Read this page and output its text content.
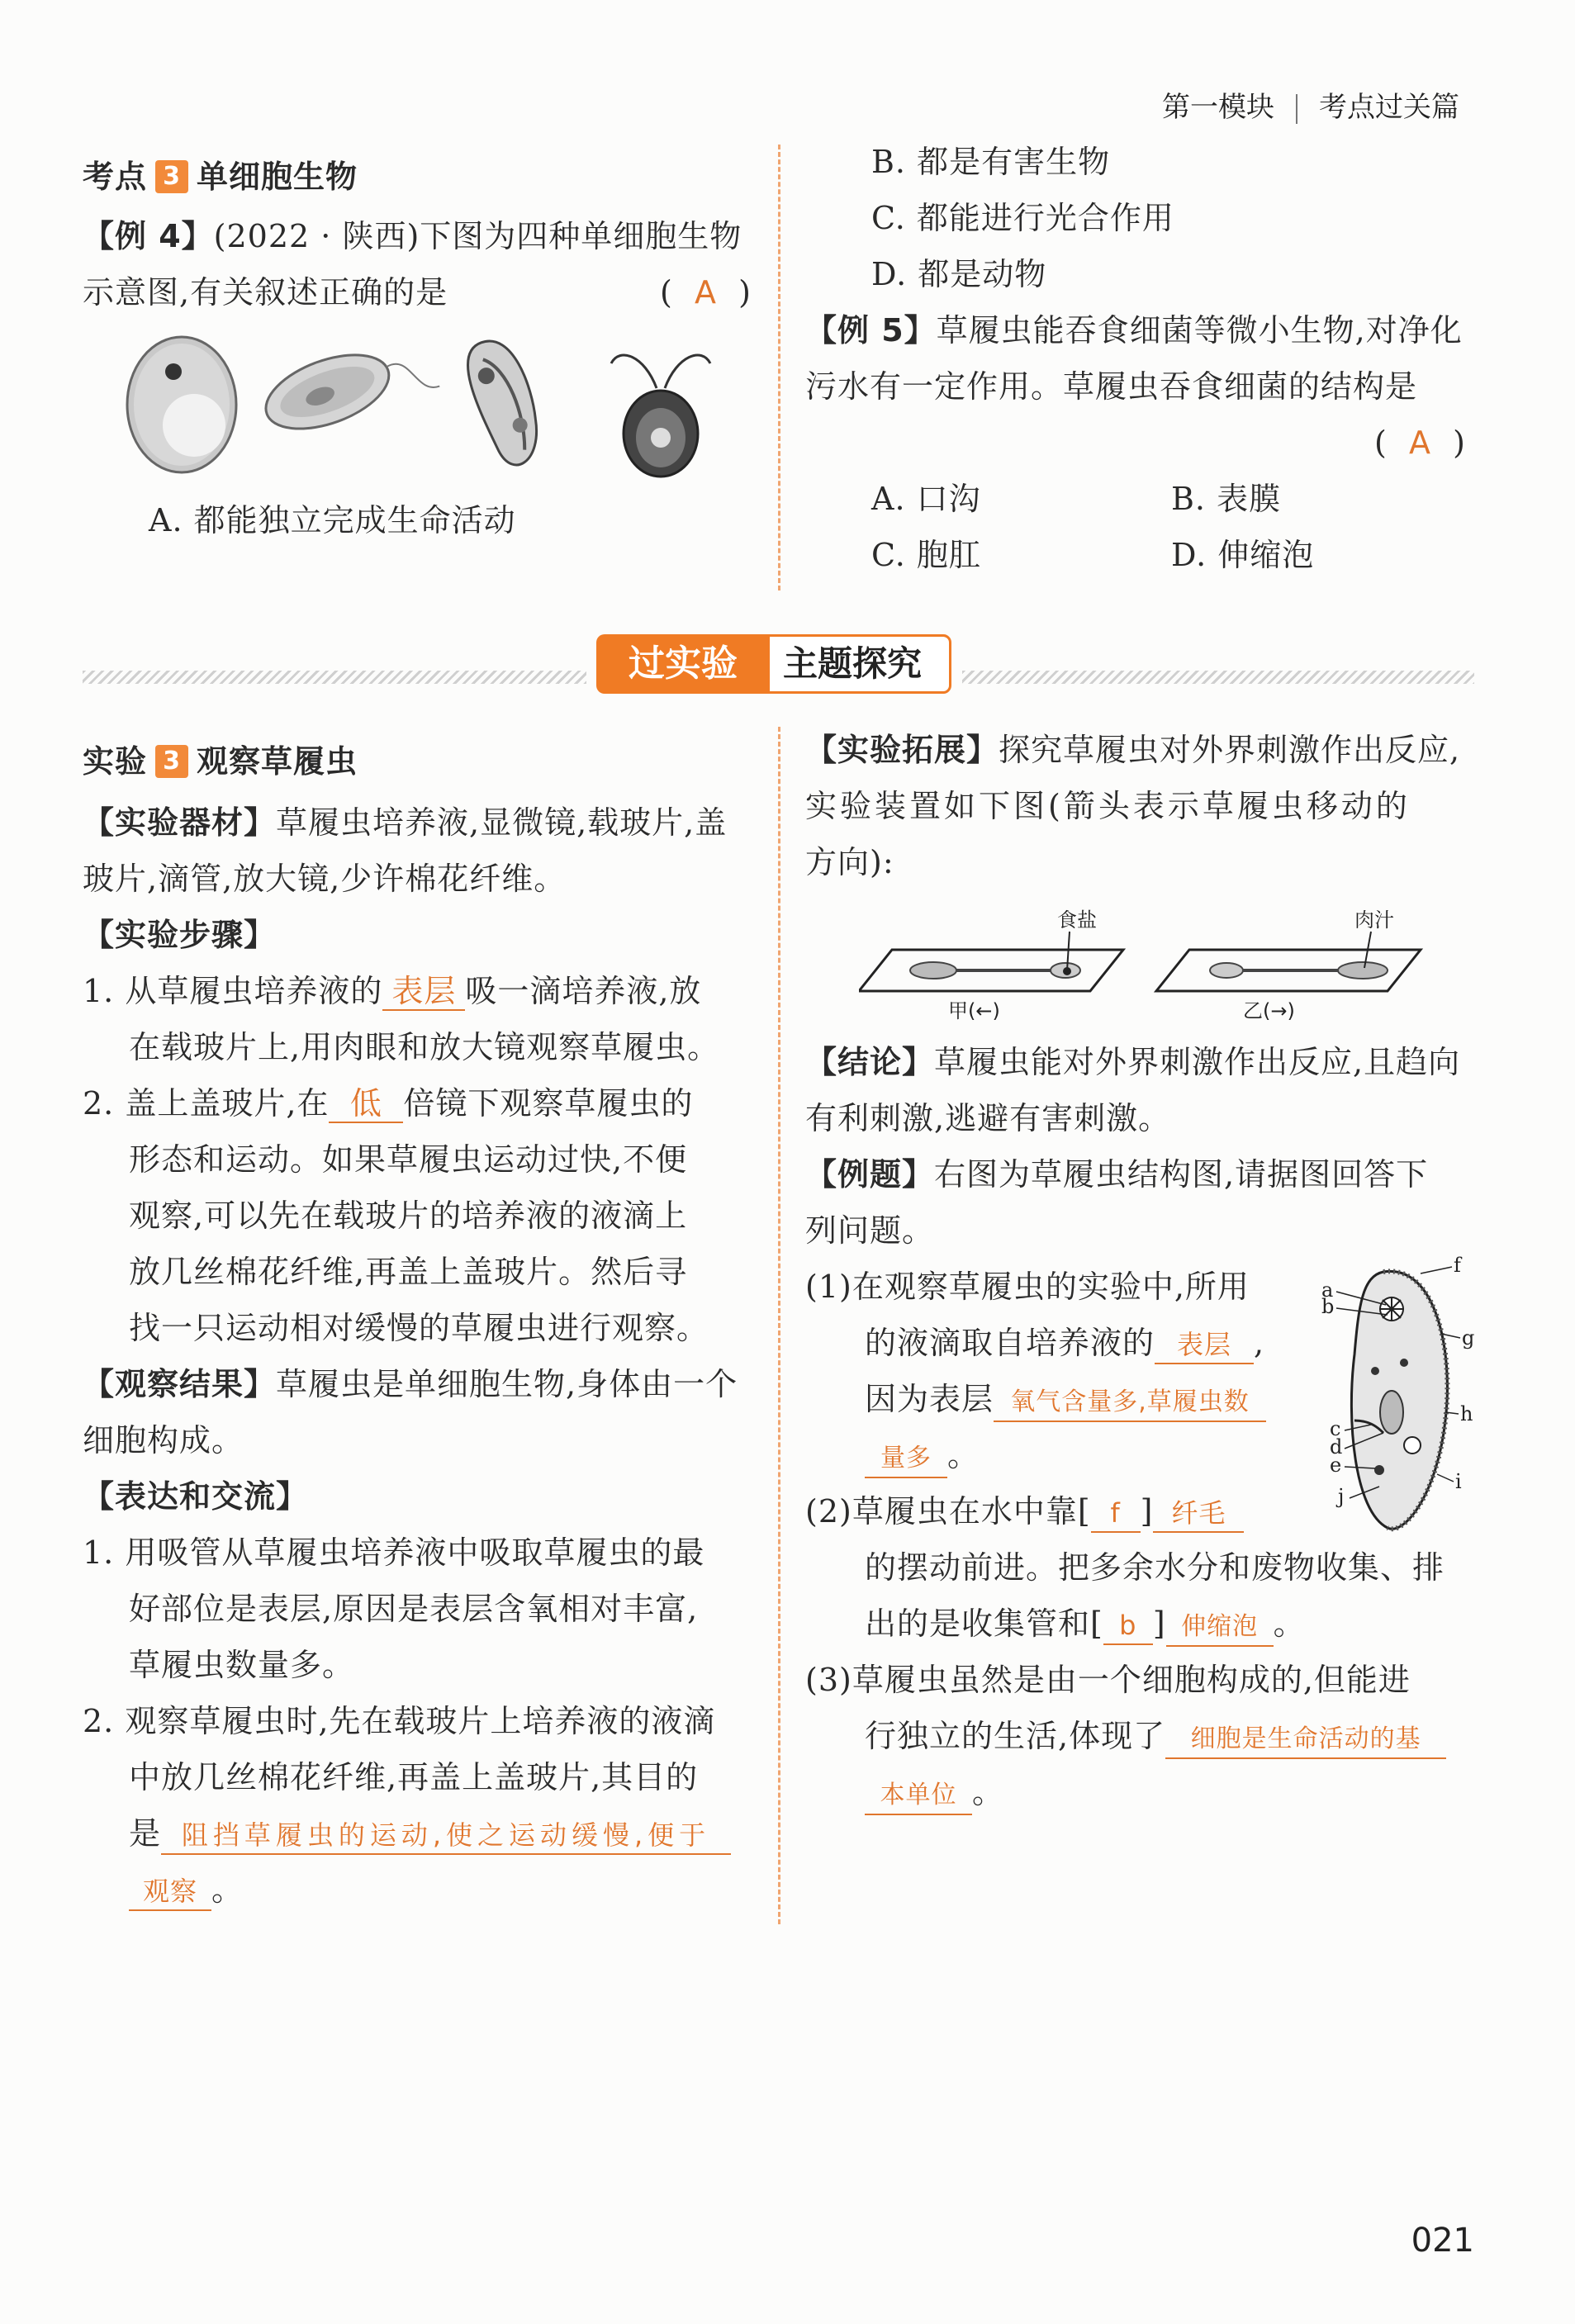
第一模块 考点过关篇
考点 3 单细胞生物
【例 4】(2022 · 陕西)下图为四种单细胞生物
示意图,有关叙述正确的是	( A )
A. 都能独立完成生命活动
B. 都是有害生物
C. 都能进行光合作用
D. 都是动物
【例 5】草履虫能吞食细菌等微小生物,对净化
污水有一定作用。草履虫吞食细菌的结构是
( A )
A. 口沟	B. 表膜
C. 胞肛	D. 伸缩泡
主题探究
过实验
实验 3 观察草履虫
【实验器材】草履虫培养液,显微镜,载玻片,盖
玻片,滴管,放大镜,少许棉花纤维。
【实验步骤】
1. 从草履虫培养液的 表层 吸一滴培养液,放
在载玻片上,用肉眼和放大镜观察草履虫。
2. 盖上盖玻片,在 低 倍镜下观察草履虫的
形态和运动。如果草履虫运动过快,不便
观察,可以先在载玻片的培养液的液滴上
放几丝棉花纤维,再盖上盖玻片。然后寻
找一只运动相对缓慢的草履虫进行观察。
【观察结果】草履虫是单细胞生物,身体由一个
细胞构成。
【表达和交流】
1. 用吸管从草履虫培养液中吸取草履虫的最
好部位是表层,原因是表层含氧相对丰富,
草履虫数量多。
2. 观察草履虫时,先在载玻片上培养液的液滴
中放几丝棉花纤维,再盖上盖玻片,其目的
是 阻挡草履虫的运动,使之运动缓慢,便于
观察 。
【实验拓展】探究草履虫对外界刺激作出反应,
实验装置如下图(箭头表示草履虫移动的
方向):
食盐	肉汁
甲(←)	乙(→)
【结论】草履虫能对外界刺激作出反应,且趋向
有利刺激,逃避有害刺激。
【例题】右图为草履虫结构图,请据图回答下
列问题。
(1)在观察草履虫的实验中,所用
的液滴取自培养液的 表层 ,
因为表层 氧气含量多,草履虫数
量多 。
(2)草履虫在水中靠[ f ] 纤毛
的摆动前进。把多余水分和废物收集、排
出的是收集管和[ b ] 伸缩泡 。
(3)草履虫虽然是由一个细胞构成的,但能进
行独立的生活,体现了 细胞是生命活动的基
本单位 。
a
b
c
d
e
f
g
h
i
j
021
